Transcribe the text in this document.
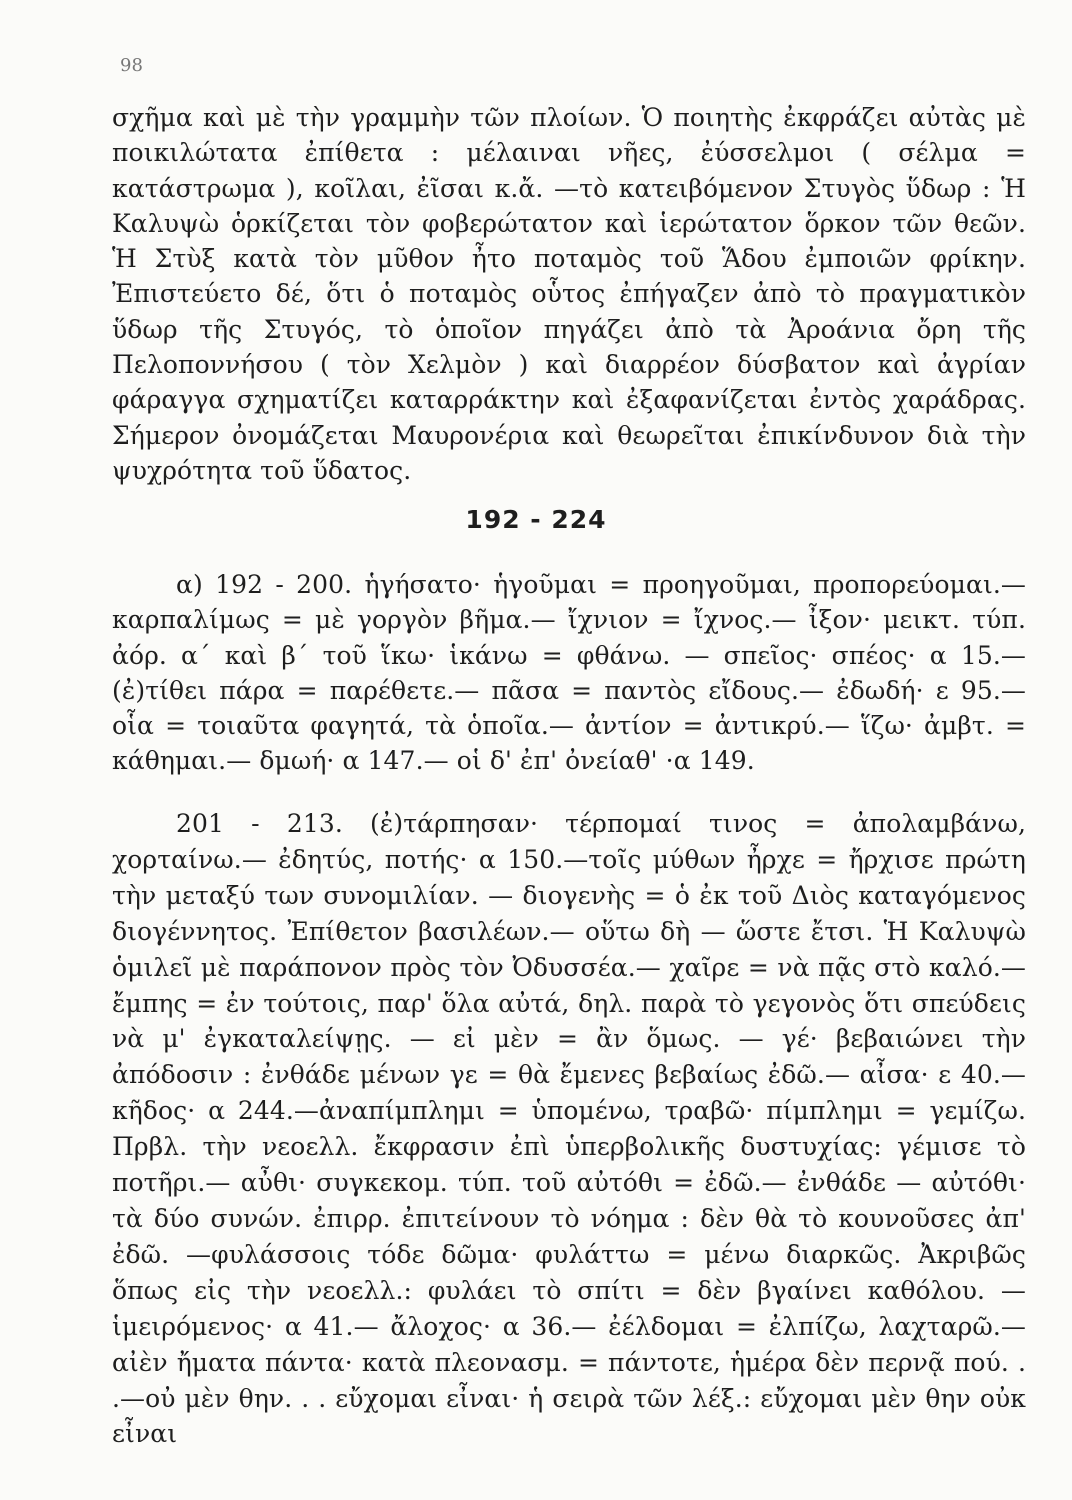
98

σχῆμα καὶ μὲ τὴν γραμμὴν τῶν πλοίων. Ὁ ποιητὴς ἐκφράζει αὐτὰς μὲ ποικιλώτατα ἐπίθετα : μέλαιναι νῆες, ἐύσσελμοι ( σέλμα = κατάστρωμα ), κοῖλαι, ἐῖσαι κ.ἄ. —τὸ κατειβόμενον Στυγὸς ὕδωρ : Ἡ Καλυψὼ ὁρκίζεται τὸν φοβερώτατον καὶ ἱερώτατον ὅρκον τῶν θεῶν. Ἡ Στὺξ κατὰ τὸν μῦθον ἦτο ποταμὸς τοῦ Ἅδου ἐμποιῶν φρίκην. Ἐπιστεύετο δέ, ὅτι ὁ ποταμὸς οὗτος ἐπήγαζεν ἀπὸ τὸ πραγματικὸν ὕδωρ τῆς Στυγός, τὸ ὁποῖον πηγάζει ἀπὸ τὰ Ἀροάνια ὄρη τῆς Πελοποννήσου ( τὸν Χελμὸν ) καὶ διαρρέον δύσβατον καὶ ἀγρίαν φάραγγα σχηματίζει καταρράκτην καὶ ἐξαφανίζεται ἐντὸς χαράδρας. Σήμερον ὀνομάζεται Μαυρονέρια καὶ θεωρεῖται ἐπικίνδυνον διὰ τὴν ψυχρότητα τοῦ ὕδατος.

192 - 224

α) 192 - 200. ἡγήσατο· ἡγοῦμαι = προηγοῦμαι, προπορεύομαι.— καρπαλίμως = μὲ γοργὸν βῆμα.— ἴχνιον = ἴχνος.— ἶξον· μεικτ. τύπ. ἀόρ. α΄ καὶ β΄ τοῦ ἵκω· ἱκάνω = φθάνω. — σπεῖος· σπέος· α 15.— (ἐ)τίθει πάρα = παρέθετε.— πᾶσα = παντὸς εἴδους.— ἐδωδή· ε 95.— οἷα = τοιαῦτα φαγητά, τὰ ὁποῖα.— ἀντίον = ἀντικρύ.— ἵζω· ἀμβτ. = κάθημαι.— δμωή· α 147.— οἱ δ' ἐπ' ὀνείαθ' ·α 149.

201 - 213. (ἐ)τάρπησαν· τέρπομαί τινος = ἀπολαμβάνω, χορταίνω.— ἐδητύς, ποτής· α 150.—τοῖς μύθων ἦρχε = ἤρχισε πρώτη τὴν μεταξύ των συνομιλίαν. — διογενὴς = ὁ ἐκ τοῦ Διὸς καταγόμενος διογέννητος. Ἐπίθετον βασιλέων.— οὕτω δὴ — ὥστε ἔτσι. Ἡ Καλυψὼ ὁμιλεῖ μὲ παράπονον πρὸς τὸν Ὀδυσσέα.— χαῖρε = νὰ πᾷς στὸ καλό.— ἔμπης = ἐν τούτοις, παρ' ὅλα αὐτά, δηλ. παρὰ τὸ γεγονὸς ὅτι σπεύδεις νὰ μ' ἐγκαταλείψῃς. — εἰ μὲν = ἂν ὅμως. — γέ· βεβαιώνει τὴν ἀπόδοσιν : ἐνθάδε μένων γε = θὰ ἔμενες βεβαίως ἐδῶ.— αἶσα· ε 40.— κῆδος· α 244.—ἀναπίμπλημι = ὑπομένω, τραβῶ· πίμπλημι = γεμίζω. Πρβλ. τὴν νεοελλ. ἔκφρασιν ἐπὶ ὑπερβολικῆς δυστυχίας: γέμισε τὸ ποτῆρι.— αὖθι· συγκεκομ. τύπ. τοῦ αὐτόθι = ἐδῶ.— ἐνθάδε — αὐτόθι· τὰ δύο συνών. ἐπιρρ. ἐπιτείνουν τὸ νόημα : δὲν θὰ τὸ κουνοῦσες ἀπ' ἐδῶ. —φυλάσσοις τόδε δῶμα· φυλάττω = μένω διαρκῶς. Ἀκριβῶς ὅπως εἰς τὴν νεοελλ.: φυλάει τὸ σπίτι = δὲν βγαίνει καθόλου. — ἱμειρόμενος· α 41.— ἄλοχος· α 36.— ἐέλδομαι = ἐλπίζω, λαχταρῶ.—αἰὲν ἤματα πάντα· κατὰ πλεονασμ. = πάντοτε, ἡμέρα δὲν περνᾷ πού. . .—οὐ μὲν θην. . . εὔχομαι εἶναι· ἡ σειρὰ τῶν λέξ.: εὔχομαι μὲν θην οὐκ εἶναι
